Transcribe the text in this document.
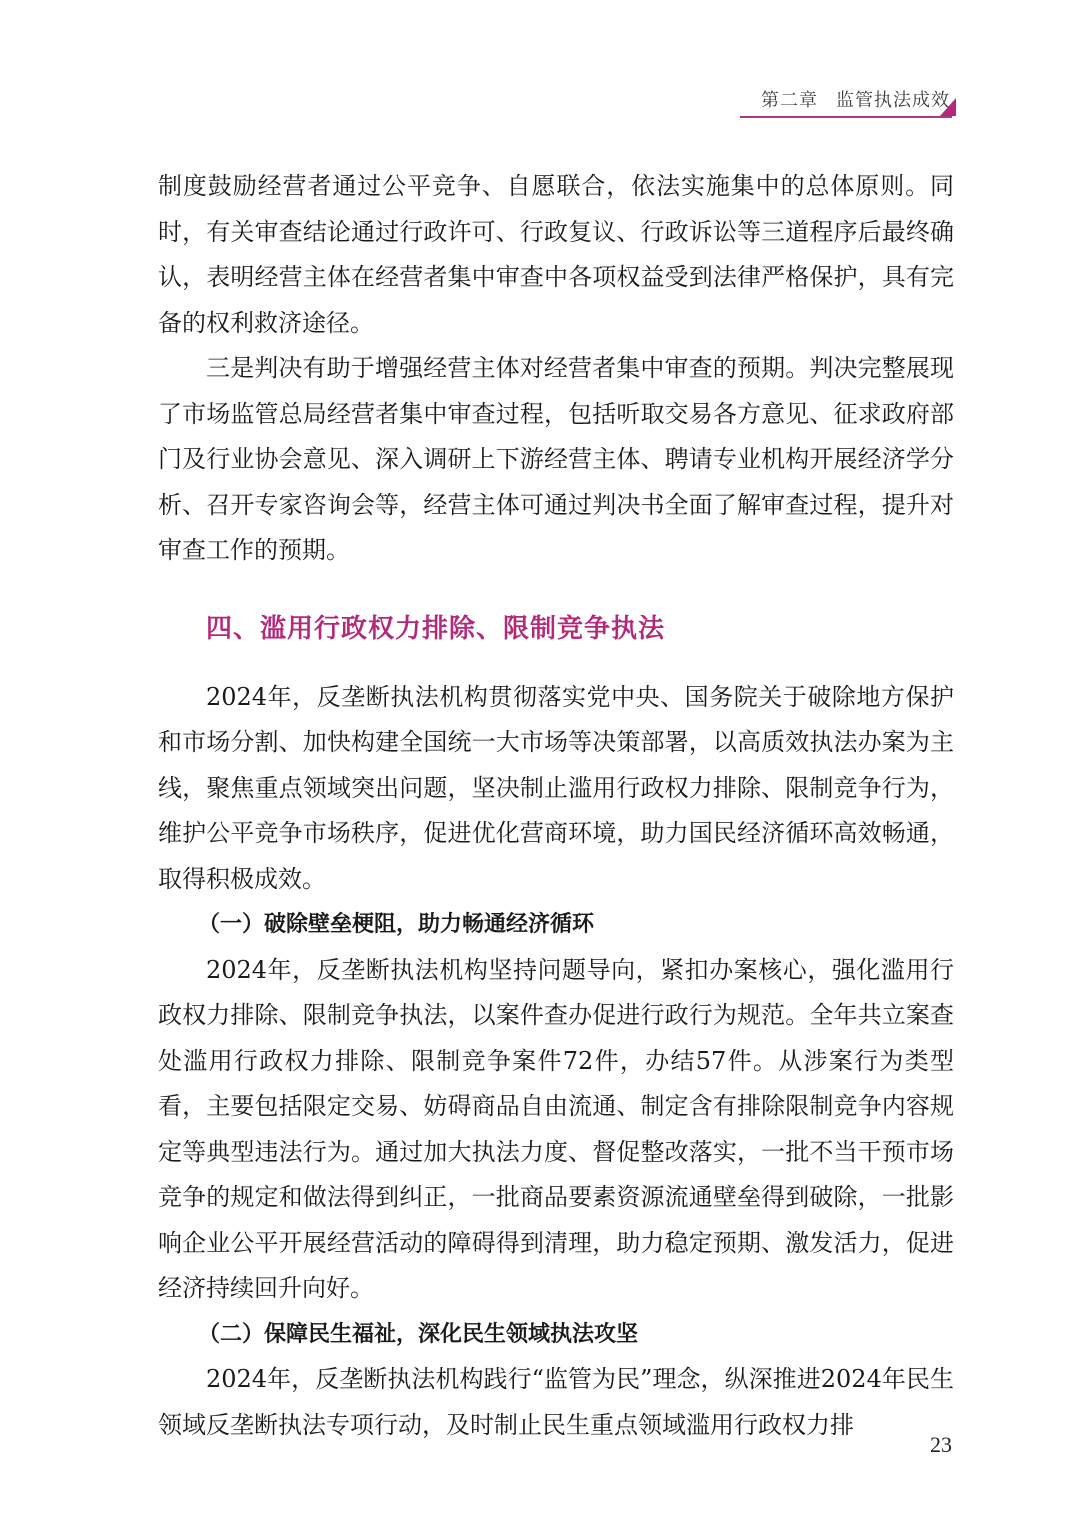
第二章 监管执法成效

制度鼓励经营者通过公平竞争、自愿联合，依法实施集中的总体原则。同时，有关审查结论通过行政许可、行政复议、行政诉讼等三道程序后最终确认，表明经营主体在经营者集中审查中各项权益受到法律严格保护，具有完备的权利救济途径。

三是判决有助于增强经营主体对经营者集中审查的预期。判决完整展现了市场监管总局经营者集中审查过程，包括听取交易各方意见、征求政府部门及行业协会意见、深入调研上下游经营主体、聘请专业机构开展经济学分析、召开专家咨询会等，经营主体可通过判决书全面了解审查过程，提升对审查工作的预期。

四、滥用行政权力排除、限制竞争执法

2024年，反垄断执法机构贯彻落实党中央、国务院关于破除地方保护和市场分割、加快构建全国统一大市场等决策部署，以高质效执法办案为主线，聚焦重点领域突出问题，坚决制止滥用行政权力排除、限制竞争行为，维护公平竞争市场秩序，促进优化营商环境，助力国民经济循环高效畅通，取得积极成效。

（一）破除壁垒梗阻，助力畅通经济循环

2024年，反垄断执法机构坚持问题导向，紧扣办案核心，强化滥用行政权力排除、限制竞争执法，以案件查办促进行政行为规范。全年共立案查处滥用行政权力排除、限制竞争案件72件，办结57件。从涉案行为类型看，主要包括限定交易、妨碍商品自由流通、制定含有排除限制竞争内容规定等典型违法行为。通过加大执法力度、督促整改落实，一批不当干预市场竞争的规定和做法得到纠正，一批商品要素资源流通壁垒得到破除，一批影响企业公平开展经营活动的障碍得到清理，助力稳定预期、激发活力，促进经济持续回升向好。

（二）保障民生福祉，深化民生领域执法攻坚

2024年，反垄断执法机构践行“监管为民”理念，纵深推进2024年民生领域反垄断执法专项行动，及时制止民生重点领域滥用行政权力排

23
